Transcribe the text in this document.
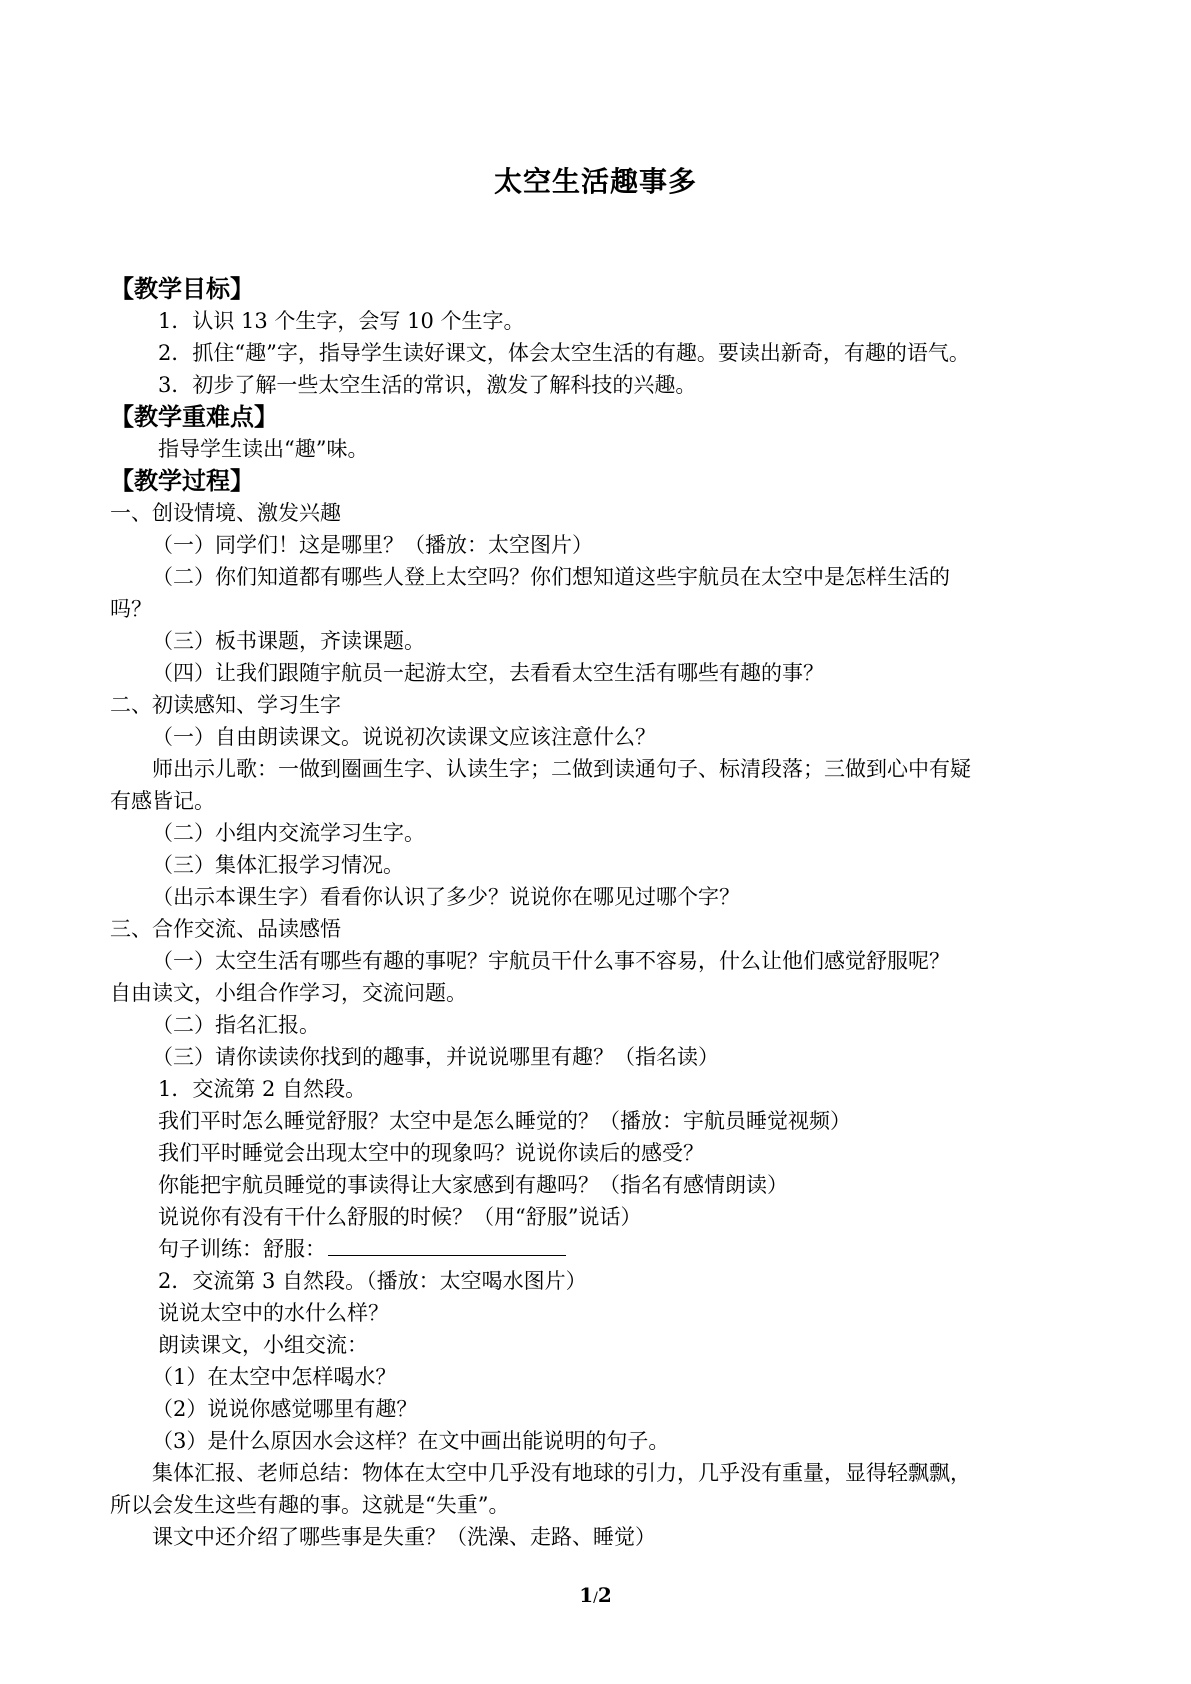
太空生活趣事多
【教学目标】
1．认识 13 个生字，会写 10 个生字。
2．抓住“趣”字，指导学生读好课文，体会太空生活的有趣。要读出新奇，有趣的语气。
3．初步了解一些太空生活的常识，激发了解科技的兴趣。
【教学重难点】
指导学生读出“趣”味。
【教学过程】
一、创设情境、激发兴趣
（一）同学们！这是哪里？（播放：太空图片）
（二）你们知道都有哪些人登上太空吗？你们想知道这些宇航员在太空中是怎样生活的
吗？
（三）板书课题，齐读课题。
（四）让我们跟随宇航员一起游太空，去看看太空生活有哪些有趣的事？
二、初读感知、学习生字
（一）自由朗读课文。说说初次读课文应该注意什么？
师出示儿歌：一做到圈画生字、认读生字；二做到读通句子、标清段落；三做到心中有疑
有感皆记。
（二）小组内交流学习生字。
（三）集体汇报学习情况。
（出示本课生字）看看你认识了多少？说说你在哪见过哪个字？
三、合作交流、品读感悟
（一）太空生活有哪些有趣的事呢？宇航员干什么事不容易，什么让他们感觉舒服呢？
自由读文，小组合作学习，交流问题。
（二）指名汇报。
（三）请你读读你找到的趣事，并说说哪里有趣？（指名读）
1．交流第 2 自然段。
我们平时怎么睡觉舒服？太空中是怎么睡觉的？（播放：宇航员睡觉视频）
我们平时睡觉会出现太空中的现象吗？说说你读后的感受？
你能把宇航员睡觉的事读得让大家感到有趣吗？（指名有感情朗读）
说说你有没有干什么舒服的时候？（用“舒服”说话）
句子训练：舒服：
2．交流第 3 自然段。（播放：太空喝水图片）
说说太空中的水什么样？
朗读课文，小组交流：
（1）在太空中怎样喝水？
（2）说说你感觉哪里有趣？
（3）是什么原因水会这样？在文中画出能说明的句子。
集体汇报、老师总结：物体在太空中几乎没有地球的引力，几乎没有重量，显得轻飘飘，
所以会发生这些有趣的事。这就是“失重”。
课文中还介绍了哪些事是失重？（洗澡、走路、睡觉）
1/2
